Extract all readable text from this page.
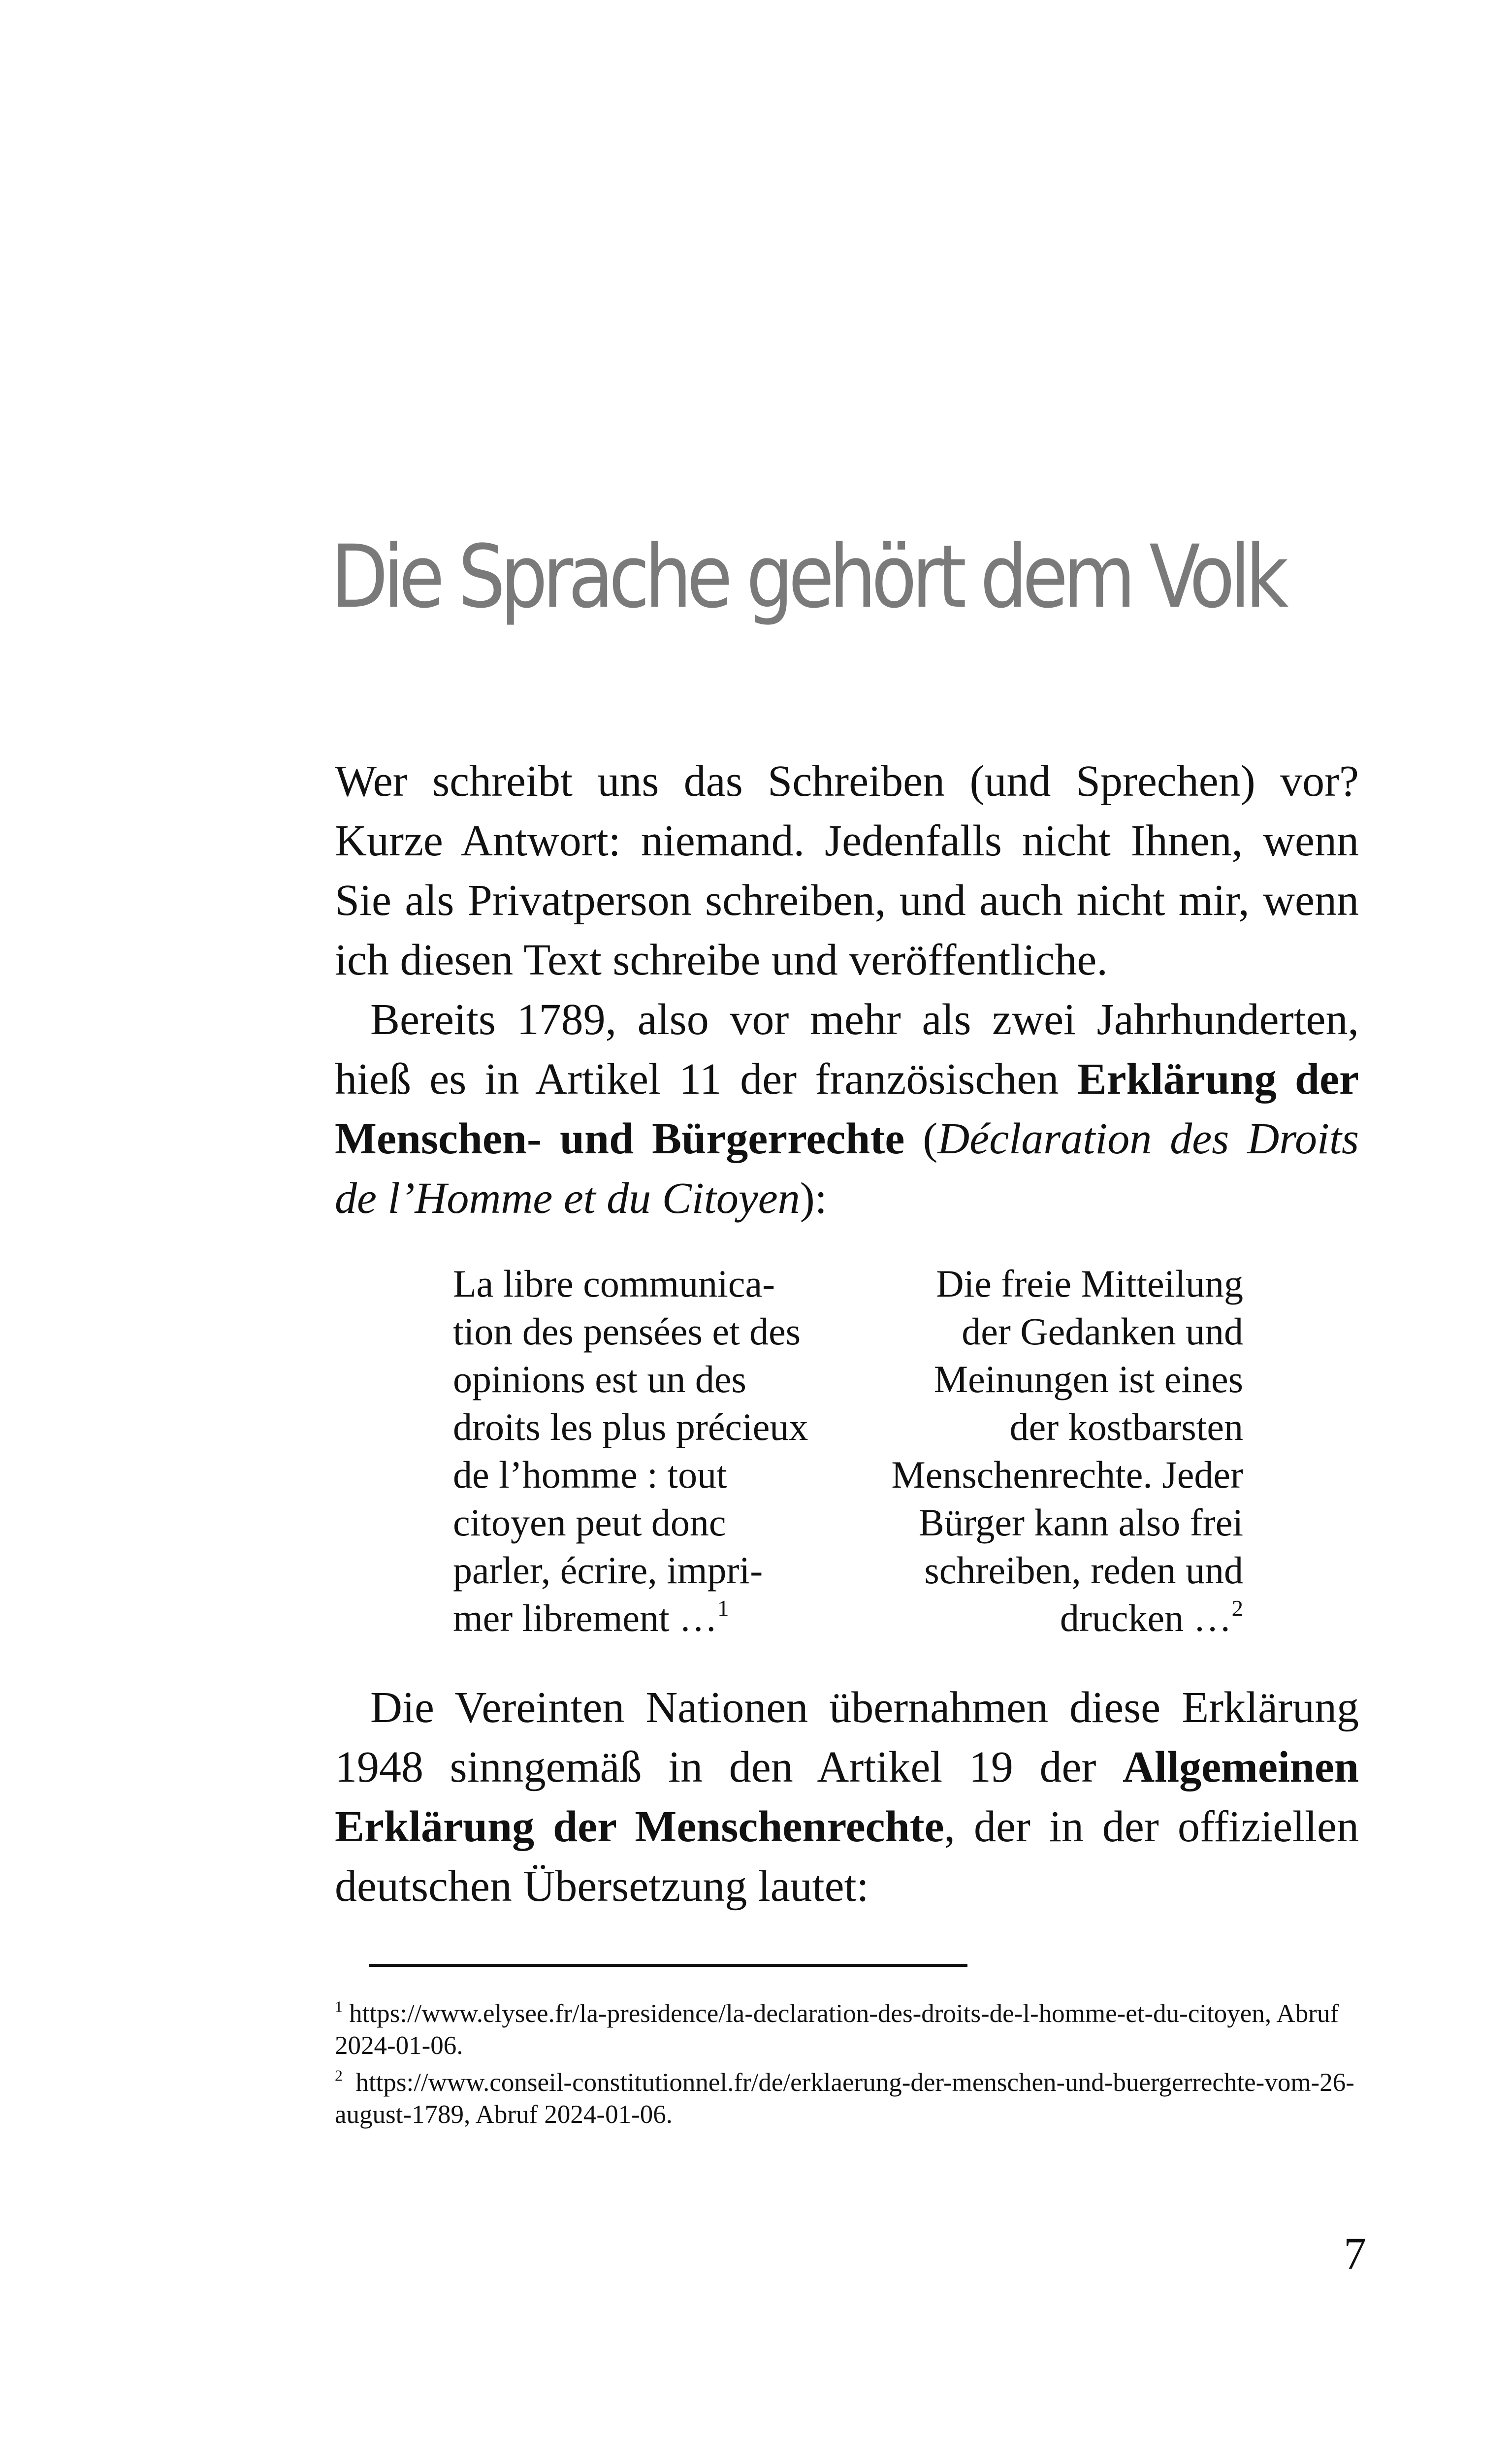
Die Sprache gehört dem Volk

Wer schreibt uns das Schreiben (und Sprechen) vor? Kurze Antwort: niemand. Jedenfalls nicht Ihnen, wenn Sie als Privatperson schreiben, und auch nicht mir, wenn ich diesen Text schreibe und veröffentliche.

Bereits 1789, also vor mehr als zwei Jahrhunderten, hieß es in Artikel 11 der französischen Erklärung der Menschen- und Bürgerrechte (Déclaration des Droits de l’Homme et du Citoyen):

La libre communica-
tion des pensées et des
opinions est un des
droits les plus précieux
de l’homme : tout
citoyen peut donc
parler, écrire, impri-
mer librement …$^1$
Die freie Mitteilung
der Gedanken und
Meinungen ist eines
der kostbarsten
Menschenrechte. Jeder
Bürger kann also frei
schreiben, reden und
drucken …$^2$

Die Vereinten Nationen übernahmen diese Erklärung 1948 sinngemäß in den Artikel 19 der Allgemeinen Erklärung der Menschenrechte, der in der offiziellen deutschen Übersetzung lautet:

$^1$ https://www.elysee.fr/la-presidence/la-declaration-des-droits-de-l-homme-et-du-citoyen, Abruf 2024-01-06.

$^2$ https://www.conseil-constitutionnel.fr/de/erklaerung-der-menschen-und-buergerrechte-vom-26-august-1789, Abruf 2024-01-06.

7
